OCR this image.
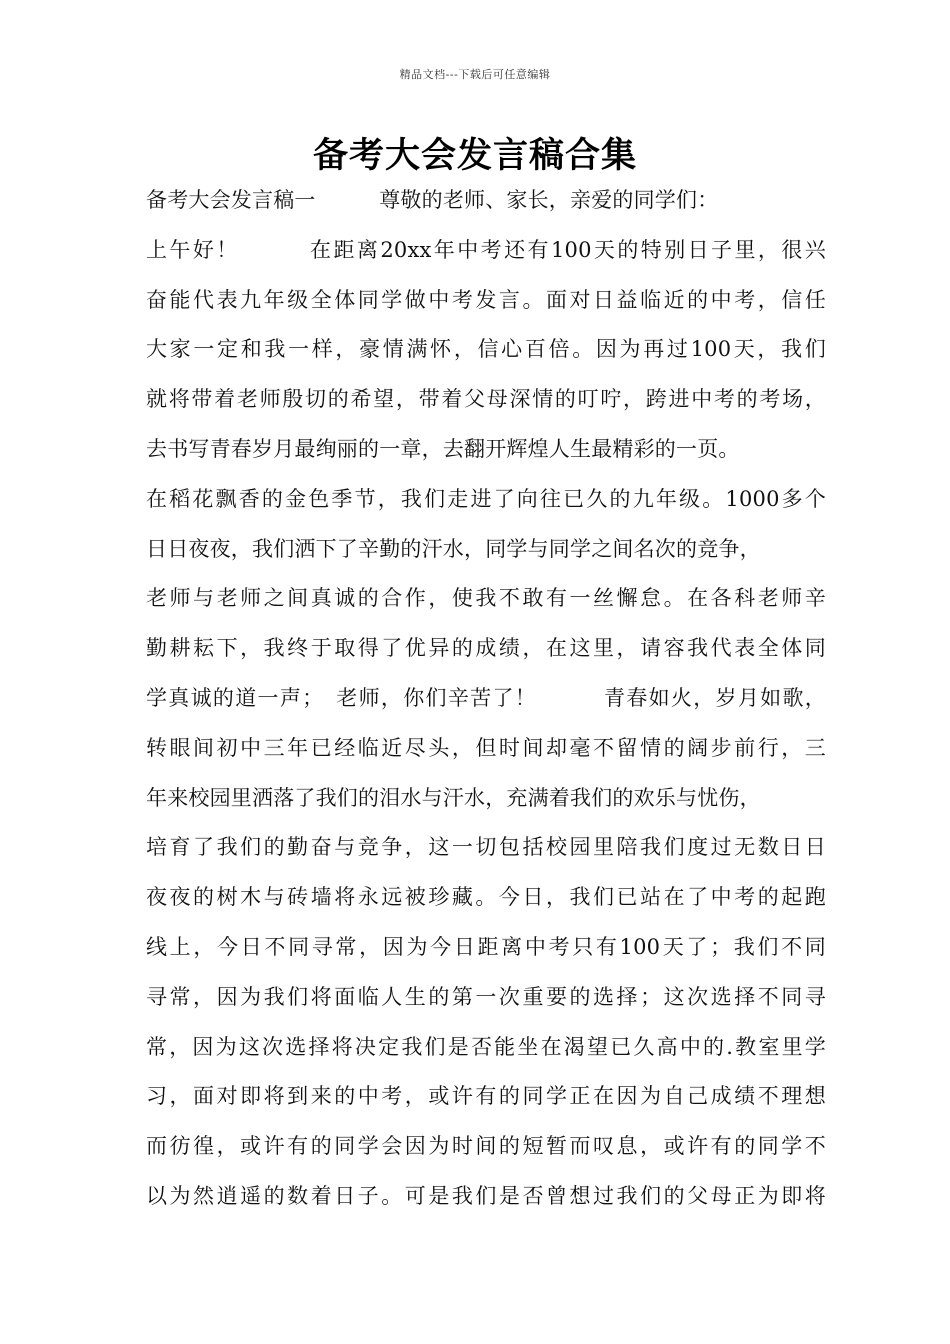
精品文档---下载后可任意编辑
备考大会发言稿合集
备考大会发言稿一　　　尊敬的老师、家长，亲爱的同学们：
上午好！　　　在距离20xx年中考还有100天的特别日子里，很兴
奋能代表九年级全体同学做中考发言。面对日益临近的中考，信任
大家一定和我一样，豪情满怀，信心百倍。因为再过100天，我们
就将带着老师殷切的希望，带着父母深情的叮咛，跨进中考的考场，
去书写青春岁月最绚丽的一章，去翻开辉煌人生最精彩的一页。
在稻花飘香的金色季节，我们走进了向往已久的九年级。1000多个
日日夜夜，我们洒下了辛勤的汗水，同学与同学之间名次的竞争，
老师与老师之间真诚的合作，使我不敢有一丝懈怠。在各科老师辛
勤耕耘下，我终于取得了优异的成绩，在这里，请容我代表全体同
学真诚的道一声；　老师，你们辛苦了！　　　青春如火，岁月如歌，
转眼间初中三年已经临近尽头，但时间却毫不留情的阔步前行，三
年来校园里洒落了我们的泪水与汗水，充满着我们的欢乐与忧伤，
培育了我们的勤奋与竞争，这一切包括校园里陪我们度过无数日日
夜夜的树木与砖墙将永远被珍藏。今日，我们已站在了中考的起跑
线上，今日不同寻常，因为今日距离中考只有100天了；我们不同
寻常，因为我们将面临人生的第一次重要的选择；这次选择不同寻
常，因为这次选择将决定我们是否能坐在渴望已久高中的.教室里学
习，面对即将到来的中考，或许有的同学正在因为自己成绩不理想
而彷徨，或许有的同学会因为时间的短暂而叹息，或许有的同学不
以为然逍遥的数着日子。可是我们是否曾想过我们的父母正为即将
